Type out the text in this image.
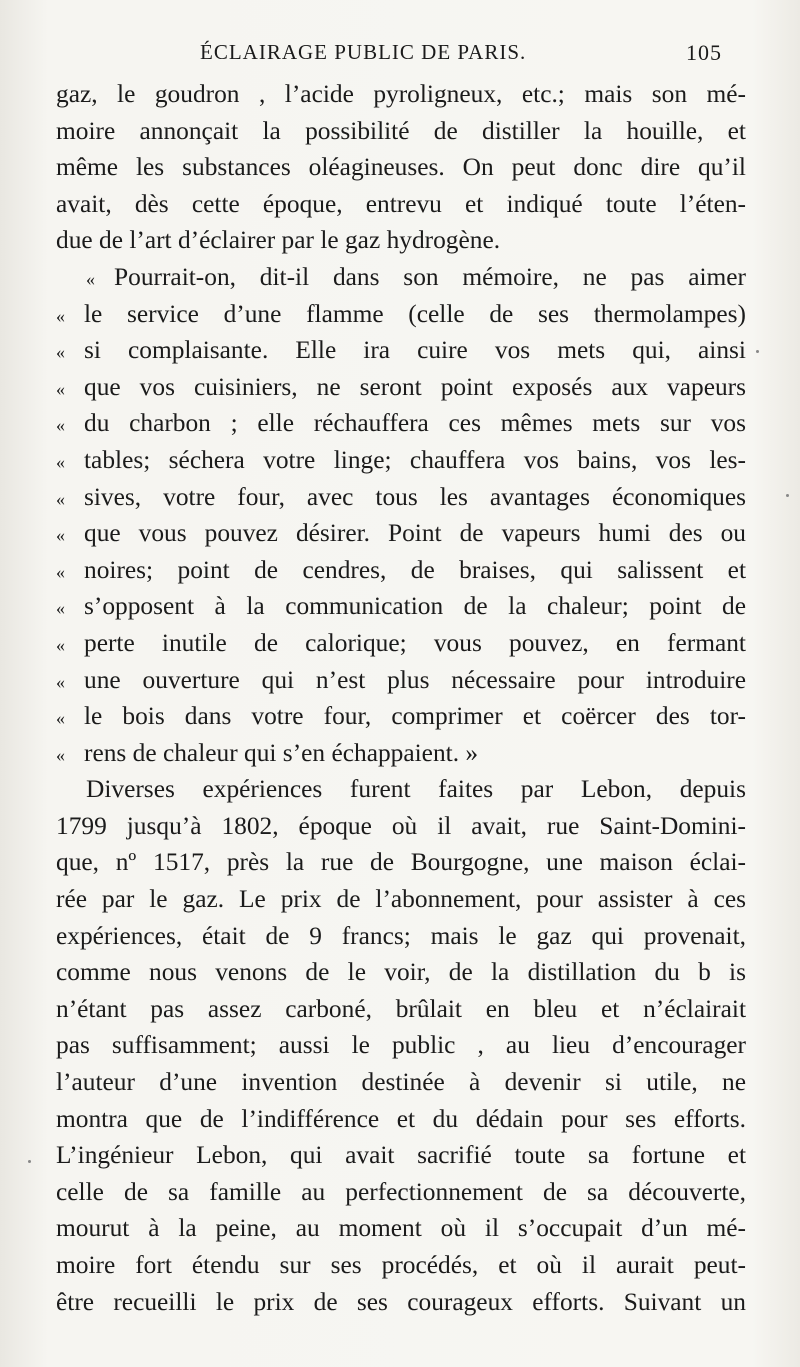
ÉCLAIRAGE PUBLIC DE PARIS.	105
gaz, le goudron , l’acide pyroligneux, etc.; mais son mé-
moire annonçait la possibilité de distiller la houille, et
même les substances oléagineuses. On peut donc dire qu’il
avait, dès cette époque, entrevu et indiqué toute l’éten-
due de l’art d’éclairer par le gaz hydrogène.
« Pourrait-on, dit-il dans son mémoire, ne pas aimer
« le service d’une flamme (celle de ses thermolampes)
« si complaisante. Elle ira cuire vos mets qui, ainsi
« que vos cuisiniers, ne seront point exposés aux vapeurs
« du charbon ; elle réchauffera ces mêmes mets sur vos
« tables; séchera votre linge; chauffera vos bains, vos les-
« sives, votre four, avec tous les avantages économiques
« que vous pouvez désirer. Point de vapeurs humi des ou
« noires; point de cendres, de braises, qui salissent et
« s’opposent à la communication de la chaleur; point de
« perte inutile de calorique; vous pouvez, en fermant
« une ouverture qui n’est plus nécessaire pour introduire
« le bois dans votre four, comprimer et coërcer des tor-
« rens de chaleur qui s’en échappaient. »
Diverses expériences furent faites par Lebon, depuis
1799 jusqu’à 1802, époque où il avait, rue Saint-Domini-
que, nº 1517, près la rue de Bourgogne, une maison éclai-
rée par le gaz. Le prix de l’abonnement, pour assister à ces
expériences, était de 9 francs; mais le gaz qui provenait,
comme nous venons de le voir, de la distillation du b is
n’étant pas assez carboné, brûlait en bleu et n’éclairait
pas suffisamment; aussi le public , au lieu d’encourager
l’auteur d’une invention destinée à devenir si utile, ne
montra que de l’indifférence et du dédain pour ses efforts.
L’ingénieur Lebon, qui avait sacrifié toute sa fortune et
celle de sa famille au perfectionnement de sa découverte,
mourut à la peine, au moment où il s’occupait d’un mé-
moire fort étendu sur ses procédés, et où il aurait peut-
être recueilli le prix de ses courageux efforts. Suivant un
